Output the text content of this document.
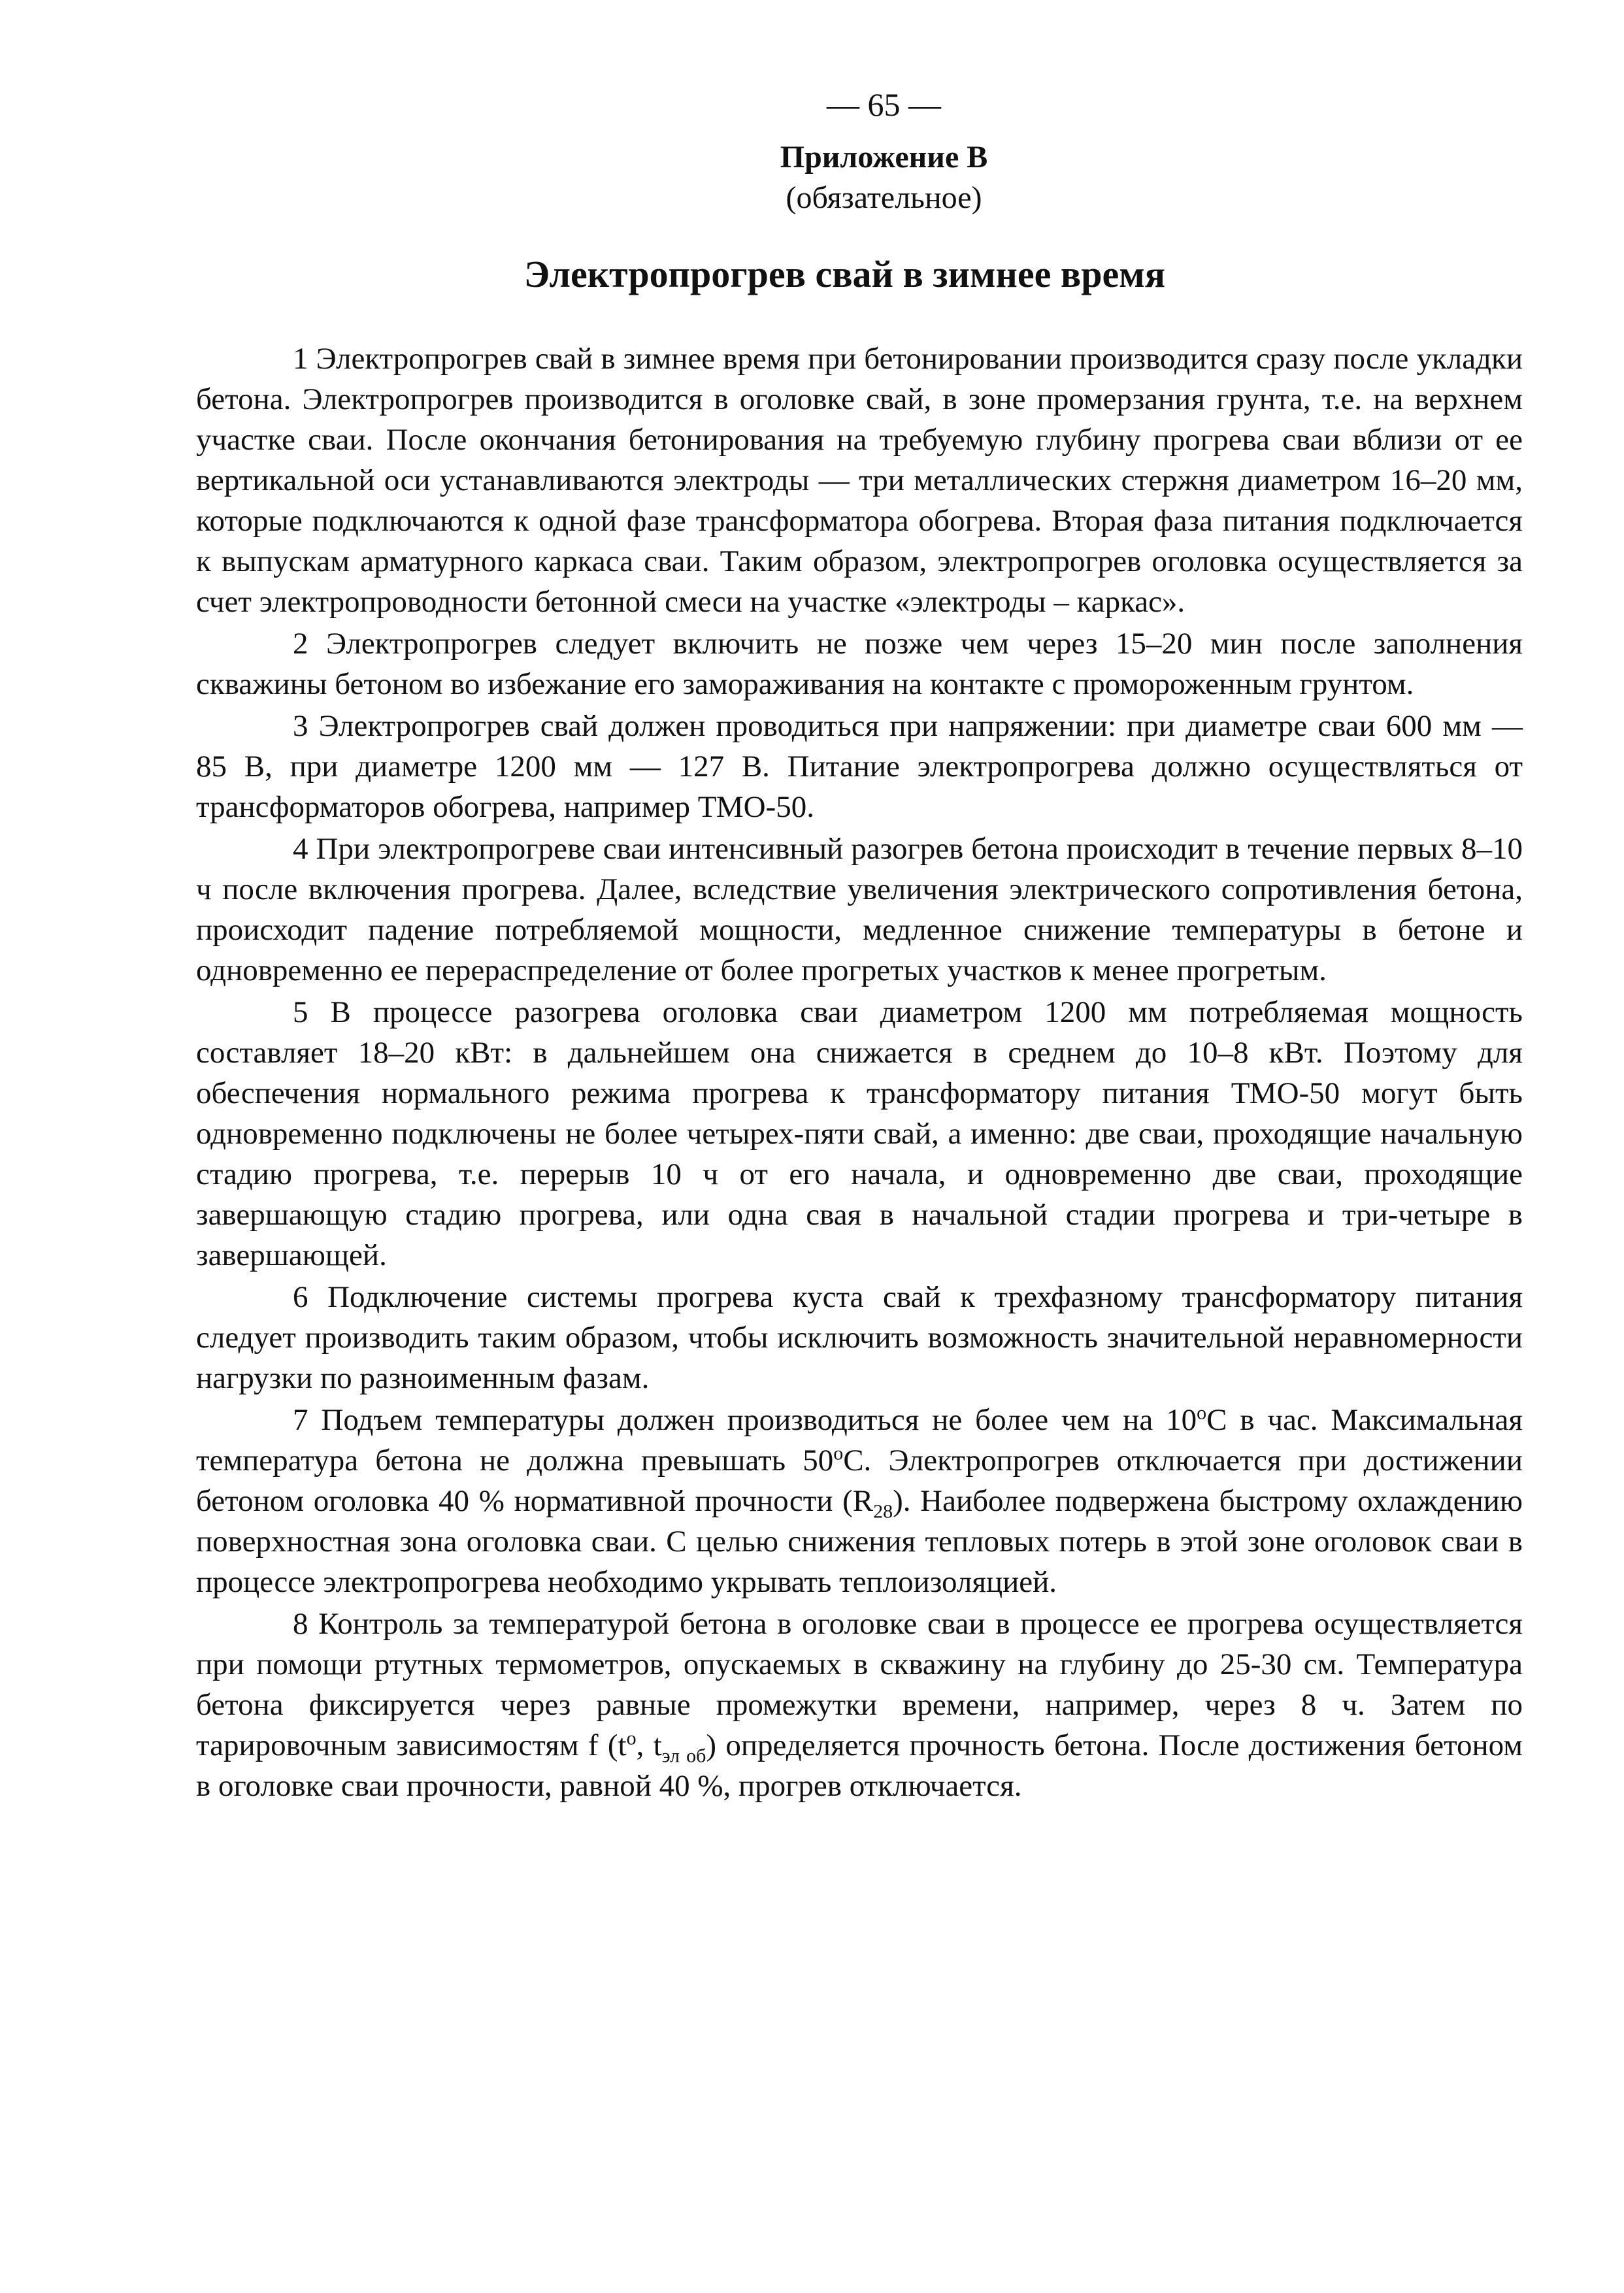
— 65 —
Приложение В
(обязательное)
Электропрогрев свай в зимнее время

1 Электропрогрев свай в зимнее время при бетонировании производится сразу после укладки бетона. Электропрогрев производится в оголовке свай, в зоне промерзания грунта, т.е. на верхнем участке сваи. После окончания бетонирования на требуемую глубину прогрева сваи вблизи от ее вертикальной оси устанавливаются электроды — три металлических стержня диаметром 16–20 мм, которые подключаются к одной фазе трансформатора обогрева. Вторая фаза питания подключается к выпускам арматурного каркаса сваи. Таким образом, электропрогрев оголовка осуществляется за счет электропроводности бетонной смеси на участке «электроды – каркас».

2 Электропрогрев следует включить не позже чем через 15–20 мин после заполнения скважины бетоном во избежание его замораживания на контакте с промороженным грунтом.

3 Электропрогрев свай должен проводиться при напряжении: при диаметре сваи 600 мм — 85 В, при диаметре 1200 мм — 127 В. Питание электропрогрева должно осуществляться от трансформаторов обогрева, например ТМО-50.

4 При электропрогреве сваи интенсивный разогрев бетона происходит в течение первых 8–10 ч после включения прогрева. Далее, вследствие увеличения электрического сопротивления бетона, происходит падение потребляемой мощности, медленное снижение температуры в бетоне и одновременно ее перераспределение от более прогретых участков к менее прогретым.

5 В процессе разогрева оголовка сваи диаметром 1200 мм потребляемая мощность составляет 18–20 кВт: в дальнейшем она снижается в среднем до 10–8 кВт. Поэтому для обеспечения нормального режима прогрева к трансформатору питания ТМО-50 могут быть одновременно подключены не более четырех-пяти свай, а именно: две сваи, проходящие начальную стадию прогрева, т.е. перерыв 10 ч от его начала, и одновременно две сваи, проходящие завершающую стадию прогрева, или одна свая в начальной стадии прогрева и три-четыре в завершающей.

6 Подключение системы прогрева куста свай к трехфазному трансформатору питания следует производить таким образом, чтобы исключить возможность значительной неравномерности нагрузки по разноименным фазам.

7 Подъем температуры должен производиться не более чем на $10^оС$ в час. Максимальная температура бетона не должна превышать $50^оС$. Электропрогрев отключается при достижении бетоном оголовка 40 % нормативной прочности $(R_{28})$. Наиболее подвержена быстрому охлаждению поверхностная зона оголовка сваи. С целью снижения тепловых потерь в этой зоне оголовок сваи в процессе электропрогрева необходимо укрывать теплоизоляцией.

8 Контроль за температурой бетона в оголовке сваи в процессе ее прогрева осуществляется при помощи ртутных термометров, опускаемых в скважину на глубину до 25-30 см. Температура бетона фиксируется через равные промежутки времени, например, через 8 ч. Затем по тарировочным зависимостям f ($t^о$, $t_{эл об}$) определяется прочность бетона. После достижения бетоном в оголовке сваи прочности, равной 40 %, прогрев отключается.
